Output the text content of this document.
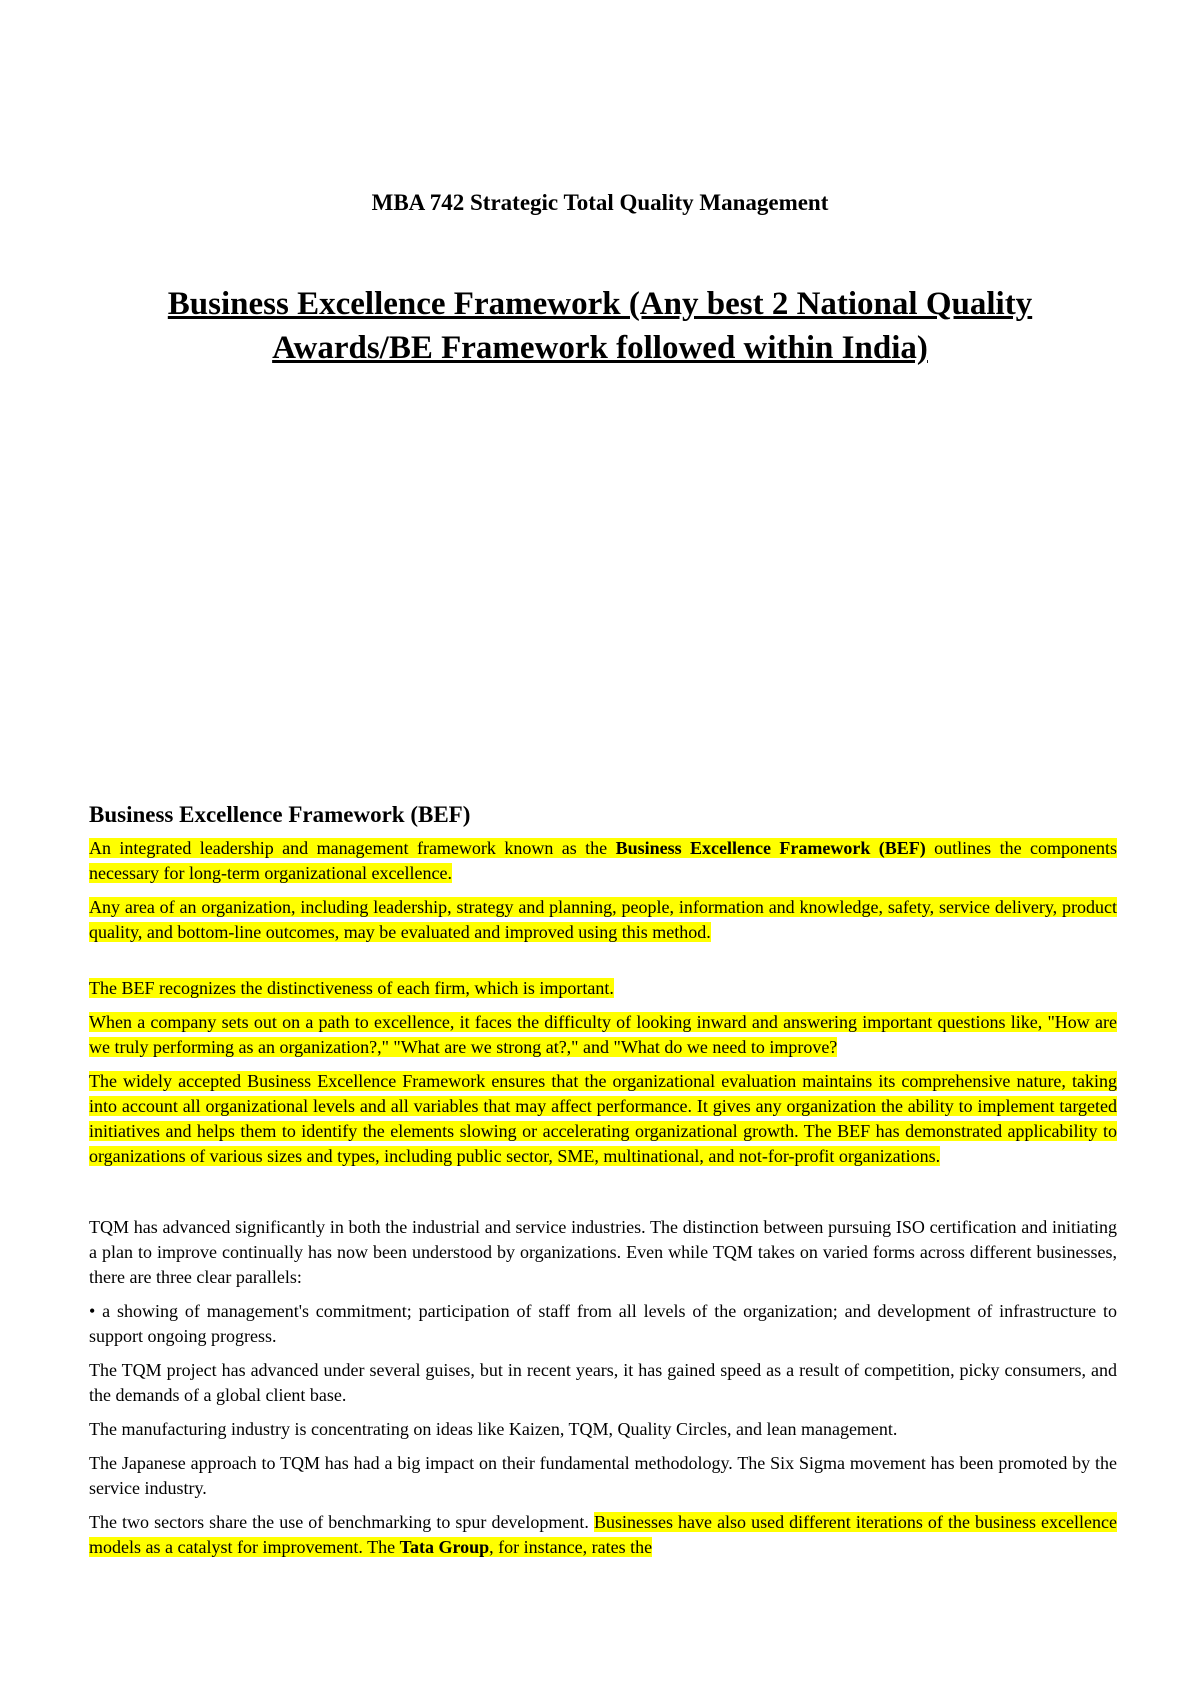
MBA 742 Strategic Total Quality Management
Business Excellence Framework (Any best 2 National Quality Awards/BE Framework followed within India)
Business Excellence Framework (BEF)

An integrated leadership and management framework known as the Business Excellence Framework (BEF) outlines the components necessary for long-term organizational excellence.

Any area of an organization, including leadership, strategy and planning, people, information and knowledge, safety, service delivery, product quality, and bottom-line outcomes, may be evaluated and improved using this method.

The BEF recognizes the distinctiveness of each firm, which is important.

When a company sets out on a path to excellence, it faces the difficulty of looking inward and answering important questions like, "How are we truly performing as an organization?," "What are we strong at?," and "What do we need to improve?

The widely accepted Business Excellence Framework ensures that the organizational evaluation maintains its comprehensive nature, taking into account all organizational levels and all variables that may affect performance. It gives any organization the ability to implement targeted initiatives and helps them to identify the elements slowing or accelerating organizational growth. The BEF has demonstrated applicability to organizations of various sizes and types, including public sector, SME, multinational, and not-for-profit organizations.

TQM has advanced significantly in both the industrial and service industries. The distinction between pursuing ISO certification and initiating a plan to improve continually has now been understood by organizations. Even while TQM takes on varied forms across different businesses, there are three clear parallels:

• a showing of management's commitment; participation of staff from all levels of the organization; and development of infrastructure to support ongoing progress.

The TQM project has advanced under several guises, but in recent years, it has gained speed as a result of competition, picky consumers, and the demands of a global client base.

The manufacturing industry is concentrating on ideas like Kaizen, TQM, Quality Circles, and lean management.

The Japanese approach to TQM has had a big impact on their fundamental methodology. The Six Sigma movement has been promoted by the service industry.

The two sectors share the use of benchmarking to spur development. Businesses have also used different iterations of the business excellence models as a catalyst for improvement. The Tata Group, for instance, rates the
